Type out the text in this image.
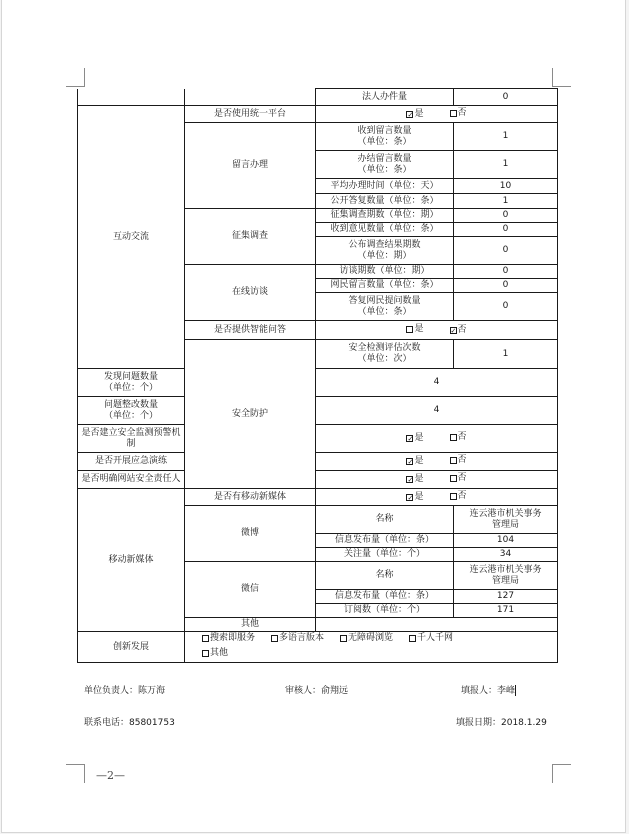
		法人办件量	0
互动交流	是否使用统一平台	✓ 是 否	

	留言办理	收到留言数量
（单位：条）	1
		办结留言数量
（单位：条）	1
		平均办理时间（单位：天）	10
		公开答复数量（单位：条）	1
	征集调查	征集调查期数（单位：期）	0
		收到意见数量（单位：条）	0
		公布调查结果期数
（单位：期）	0
	在线访谈	访谈期数（单位：期）	0
		网民留言数量（单位：条）	0
		答复网民提问数量
（单位：条）	0
	是否提供智能问答	是 ✓ 否	

	安全防护	安全检测评估次数
（单位：次）	1
发现问题数量
（单位：个）		4	
问题整改数量
（单位：个）		4	
是否建立安全监测预警机
制		✓ 是 否	

是否开展应急演练		✓ 是 否	

是否明确网站安全责任人		✓ 是 否	

移动新媒体	是否有移动新媒体	✓ 是 否	

	微博	名称	连云港市机关事务
管理局
		信息发布量（单位：条）	104
		关注量（单位：个）	34
	微信	名称	连云港市机关事务
管理局
		信息发布量（单位：条）	127
		订阅数（单位：个）	171
	其他		
创新发展	搜索即服务 多语言版本 无障碍浏览 千人千网

其他		
单位负责人：陈万海	审核人：俞翔远	填报人：李峰
联系电话：85801753	填报日期：2018.1.29
—2—
